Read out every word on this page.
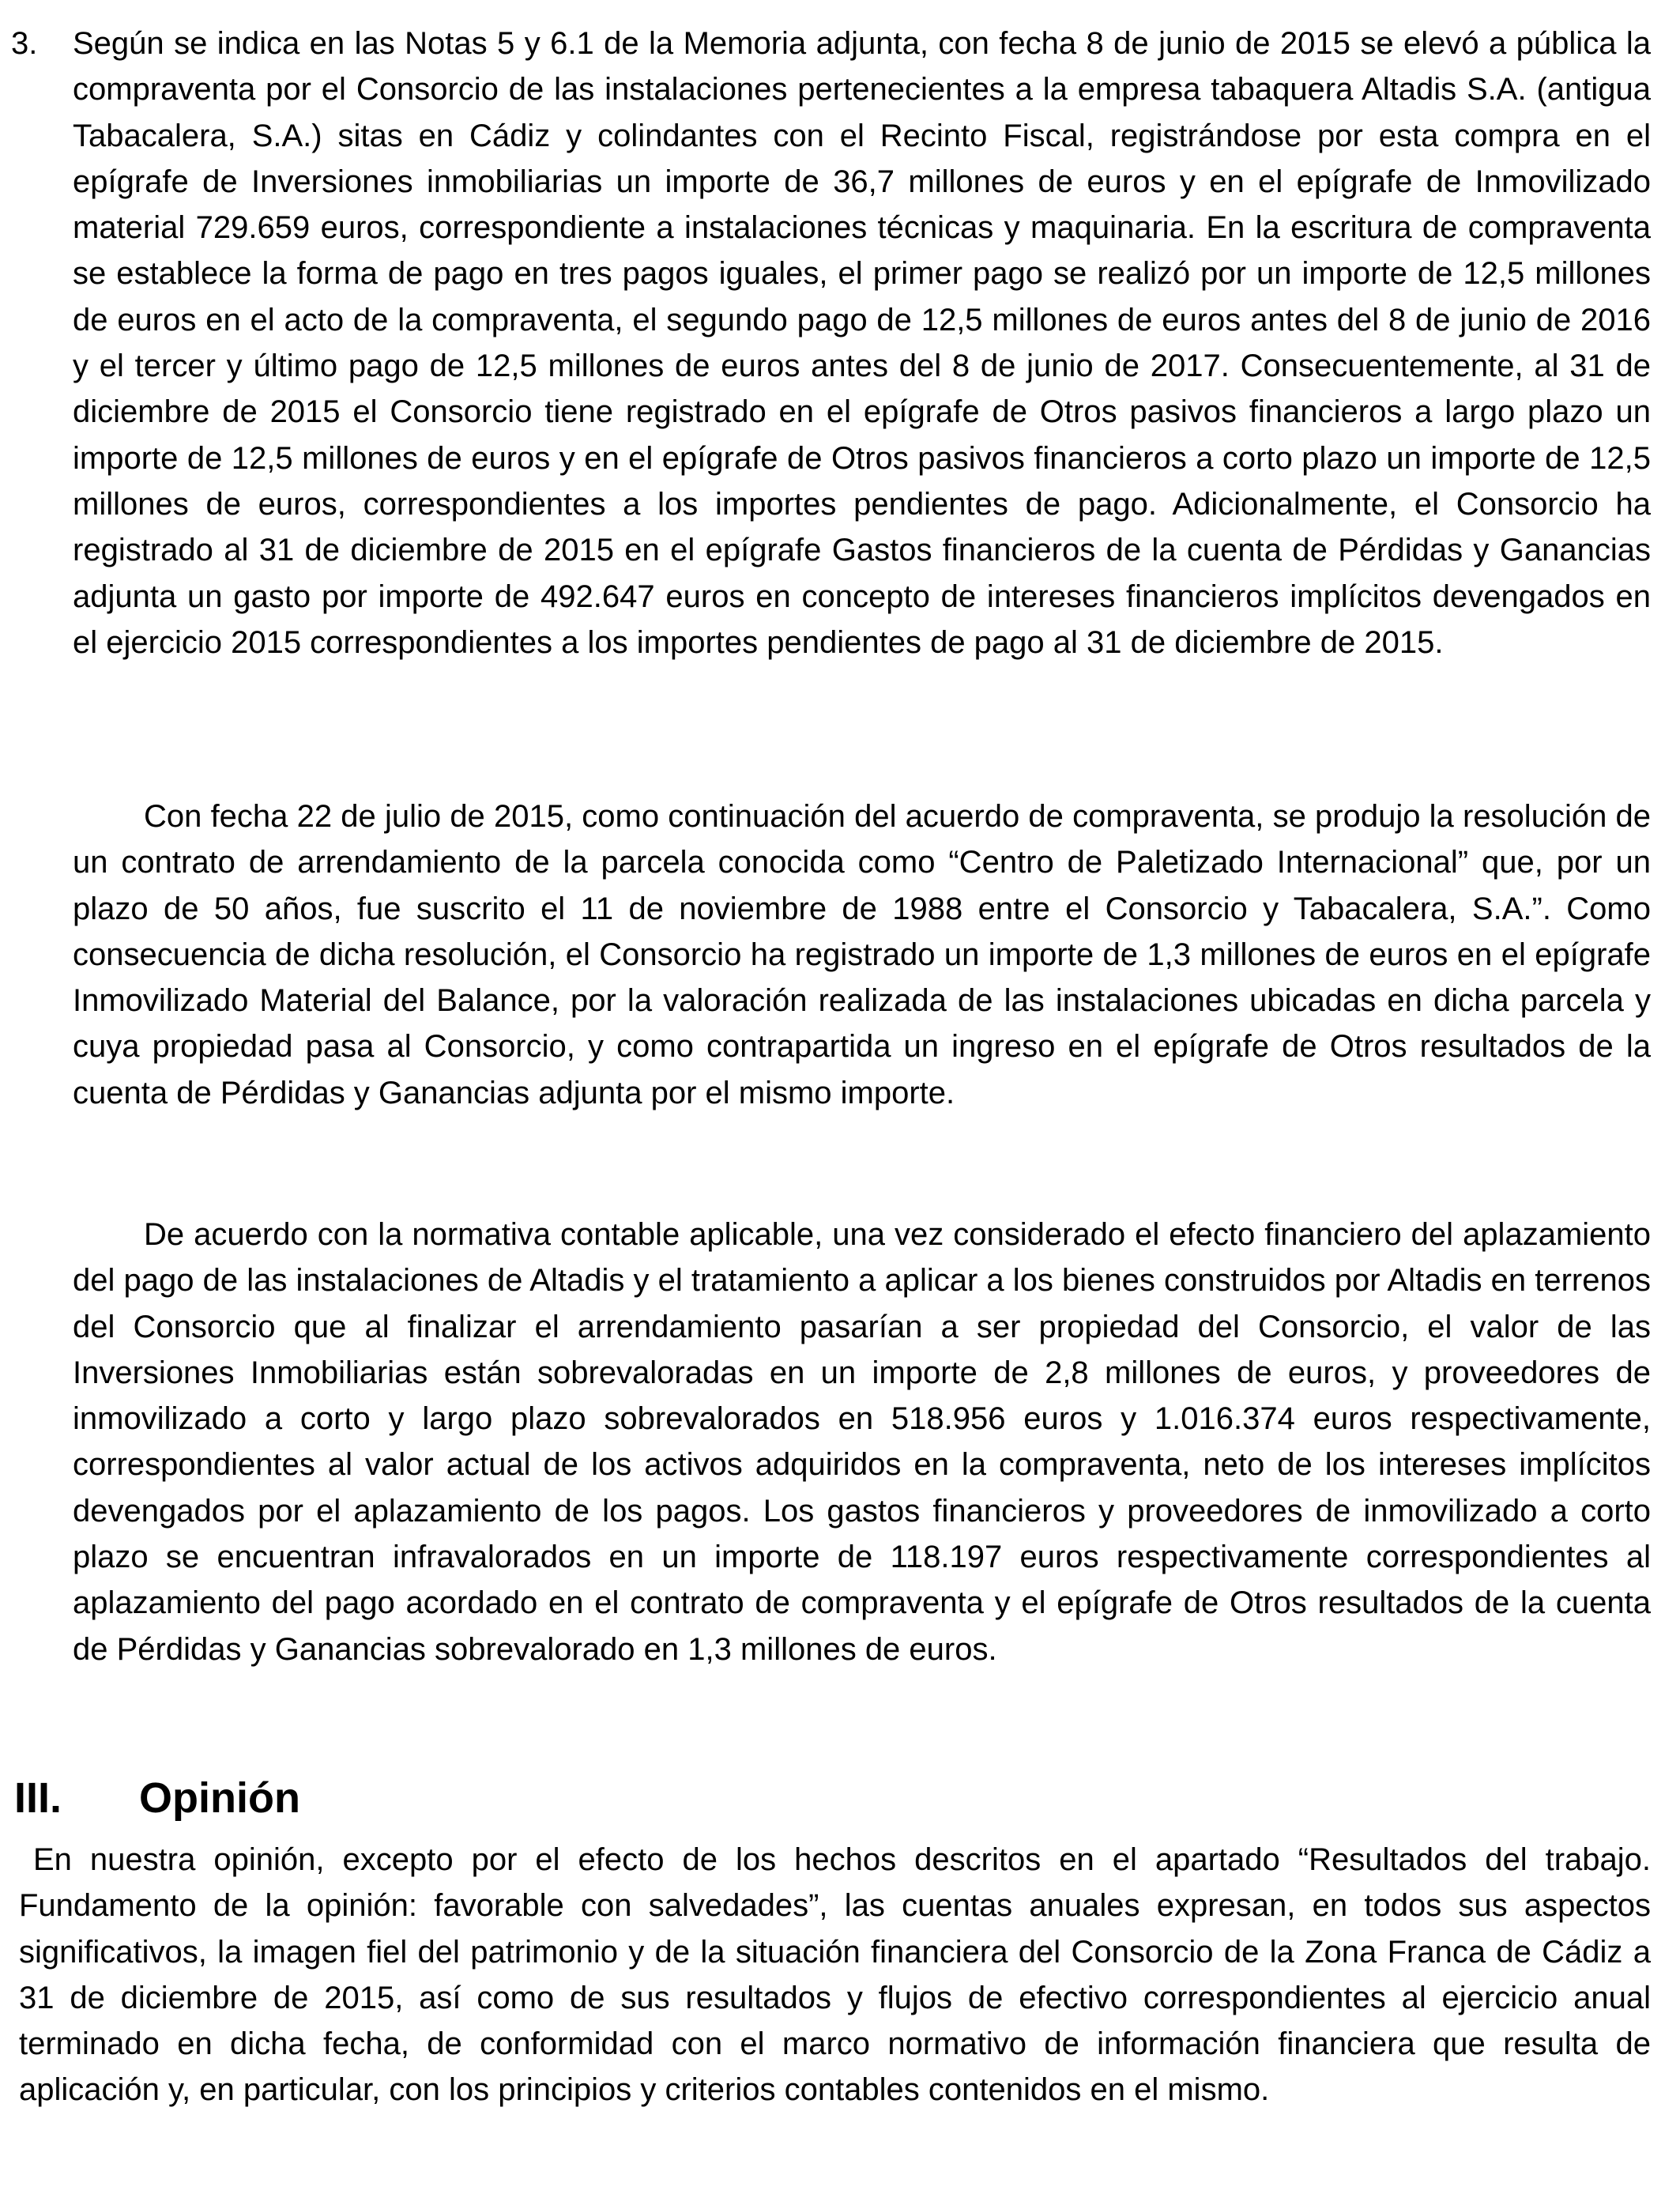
3. Según se indica en las Notas 5 y 6.1 de la Memoria adjunta, con fecha 8 de junio de 2015 se elevó a pública la compraventa por el Consorcio de las instalaciones pertenecientes a la empresa tabaquera Altadis S.A. (antigua Tabacalera, S.A.) sitas en Cádiz y colindantes con el Recinto Fiscal, registrándose por esta compra en el epígrafe de Inversiones inmobiliarias un importe de 36,7 millones de euros y en el epígrafe de Inmovilizado material 729.659 euros, correspondiente a instalaciones técnicas y maquinaria. En la escritura de compraventa se establece la forma de pago en tres pagos iguales, el primer pago se realizó por un importe de 12,5 millones de euros en el acto de la compraventa, el segundo pago de 12,5 millones de euros antes del 8 de junio de 2016 y el tercer y último pago de 12,5 millones de euros antes del 8 de junio de 2017. Consecuentemente, al 31 de diciembre de 2015 el Consorcio tiene registrado en el epígrafe de Otros pasivos financieros a largo plazo un importe de 12,5 millones de euros y en el epígrafe de Otros pasivos financieros a corto plazo un importe de 12,5 millones de euros, correspondientes a los importes pendientes de pago. Adicionalmente, el Consorcio ha registrado al 31 de diciembre de 2015 en el epígrafe Gastos financieros de la cuenta de Pérdidas y Ganancias adjunta un gasto por importe de 492.647 euros en concepto de intereses financieros implícitos devengados en el ejercicio 2015 correspondientes a los importes pendientes de pago al 31 de diciembre de 2015.

Con fecha 22 de julio de 2015, como continuación del acuerdo de compraventa, se produjo la resolución de un contrato de arrendamiento de la parcela conocida como “Centro de Paletizado Internacional” que, por un plazo de 50 años, fue suscrito el 11 de noviembre de 1988 entre el Consorcio y Tabacalera, S.A.”. Como consecuencia de dicha resolución, el Consorcio ha registrado un importe de 1,3 millones de euros en el epígrafe Inmovilizado Material del Balance, por la valoración realizada de las instalaciones ubicadas en dicha parcela y cuya propiedad pasa al Consorcio, y como contrapartida un ingreso en el epígrafe de Otros resultados de la cuenta de Pérdidas y Ganancias adjunta por el mismo importe.

De acuerdo con la normativa contable aplicable, una vez considerado el efecto financiero del aplazamiento del pago de las instalaciones de Altadis y el tratamiento a aplicar a los bienes construidos por Altadis en terrenos del Consorcio que al finalizar el arrendamiento pasarían a ser propiedad del Consorcio, el valor de las Inversiones Inmobiliarias están sobrevaloradas en un importe de 2,8 millones de euros, y proveedores de inmovilizado a corto y largo plazo sobrevalorados en 518.956 euros y 1.016.374 euros respectivamente, correspondientes al valor actual de los activos adquiridos en la compraventa, neto de los intereses implícitos devengados por el aplazamiento de los pagos. Los gastos financieros y proveedores de inmovilizado a corto plazo se encuentran infravalorados en un importe de 118.197 euros respectivamente correspondientes al aplazamiento del pago acordado en el contrato de compraventa y el epígrafe de Otros resultados de la cuenta de Pérdidas y Ganancias sobrevalorado en 1,3 millones de euros.

III. Opinión

En nuestra opinión, excepto por el efecto de los hechos descritos en el apartado “Resultados del trabajo. Fundamento de la opinión: favorable con salvedades”, las cuentas anuales expresan, en todos sus aspectos significativos, la imagen fiel del patrimonio y de la situación financiera del Consorcio de la Zona Franca de Cádiz a 31 de diciembre de 2015, así como de sus resultados y flujos de efectivo correspondientes al ejercicio anual terminado en dicha fecha, de conformidad con el marco normativo de información financiera que resulta de aplicación y, en particular, con los principios y criterios contables contenidos en el mismo.
